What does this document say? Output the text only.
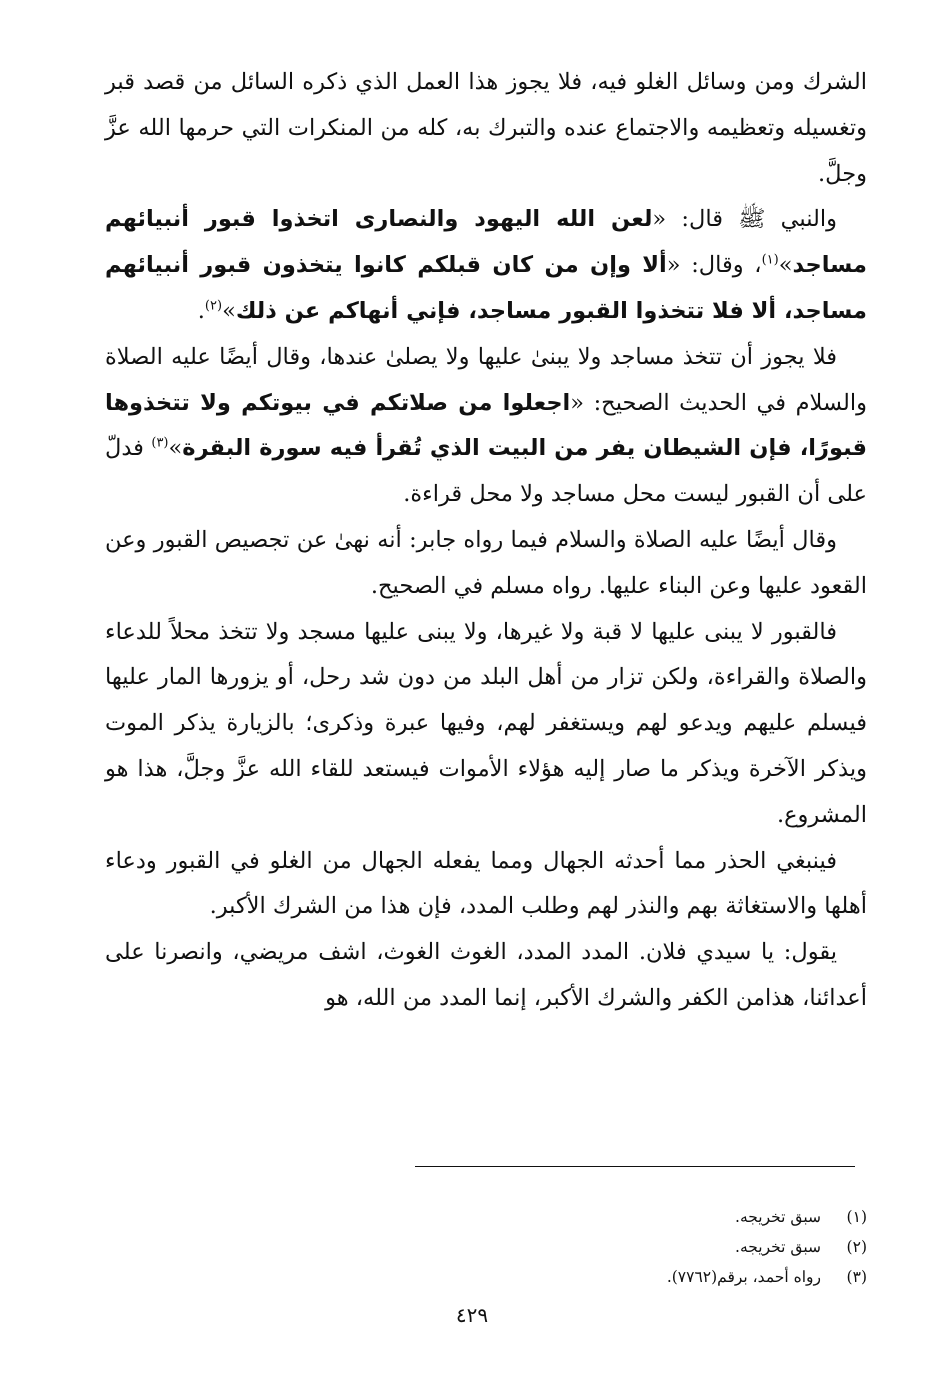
الشرك ومن وسائل الغلو فيه، فلا يجوز هذا العمل الذي ذكره السائل من قصد قبر وتغسيله وتعظيمه والاجتماع عنده والتبرك به، كله من المنكرات التي حرمها الله عزَّ وجلَّ.

والنبي ﷺ قال: «لعن الله اليهود والنصارى اتخذوا قبور أنبيائهم مساجد»$^{(١)}$، وقال: «ألا وإن من كان قبلكم كانوا يتخذون قبور أنبيائهم مساجد، ألا فلا تتخذوا القبور مساجد، فإني أنهاكم عن ذلك»$^{(٢)}$.

فلا يجوز أن تتخذ مساجد ولا يبنىٰ عليها ولا يصلىٰ عندها، وقال أيضًا عليه الصلاة والسلام في الحديث الصحيح: «اجعلوا من صلاتكم في بيوتكم ولا تتخذوها قبورًا، فإن الشيطان يفر من البيت الذي تُقرأ فيه سورة البقرة»$^{(٣)}$ فدلّ على أن القبور ليست محل مساجد ولا محل قراءة.

وقال أيضًا عليه الصلاة والسلام فيما رواه جابر: أنه نهىٰ عن تجصيص القبور وعن القعود عليها وعن البناء عليها. رواه مسلم في الصحيح.

فالقبور لا يبنى عليها لا قبة ولا غيرها، ولا يبنى عليها مسجد ولا تتخذ محلاً للدعاء والصلاة والقراءة، ولكن تزار من أهل البلد من دون شد رحل، أو يزورها المار عليها فيسلم عليهم ويدعو لهم ويستغفر لهم، وفيها عبرة وذكرى؛ بالزيارة يذكر الموت ويذكر الآخرة ويذكر ما صار إليه هؤلاء الأموات فيستعد للقاء الله عزَّ وجلَّ، هذا هو المشروع.

فينبغي الحذر مما أحدثه الجهال ومما يفعله الجهال من الغلو في القبور ودعاء أهلها والاستغاثة بهم والنذر لهم وطلب المدد، فإن هذا من الشرك الأكبر.

يقول: يا سيدي فلان. المدد المدد، الغوث الغوث، اشف مريضي، وانصرنا على أعدائنا، هذامن الكفر والشرك الأكبر، إنما المدد من الله، هو

(١)سبق تخريجه.
(٢)سبق تخريجه.
(٣)رواه أحمد، برقم(٧٧٦٢).
٤٢٩
